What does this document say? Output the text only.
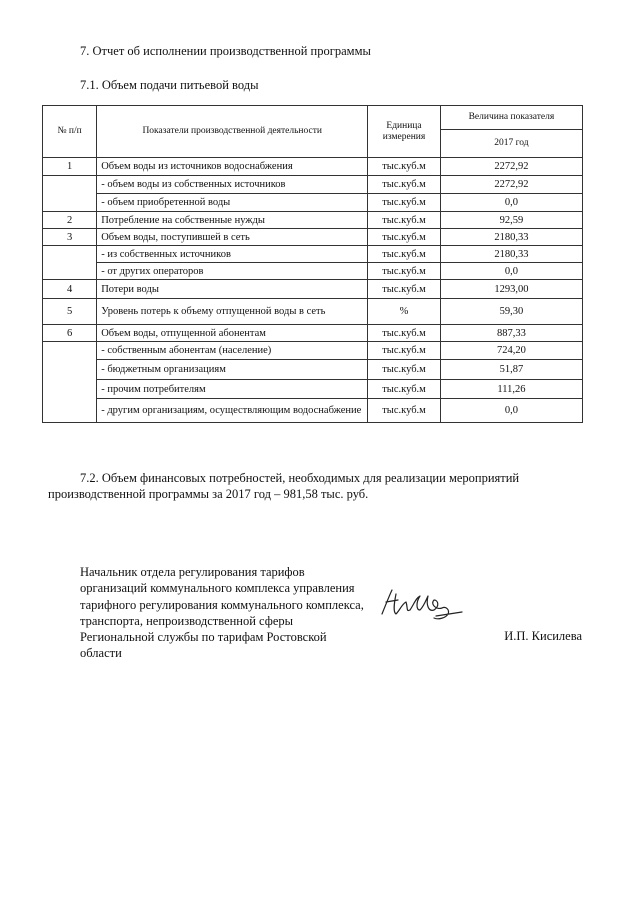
7. Отчет об исполнении производственной программы
7.1. Объем подачи питьевой воды
№ п/п	Показатели производственной деятельности	Единица измерения	Величина показателя
			2017 год
1	Объем воды из источников водоснабжения	тыс.куб.м	2272,92
	- объем воды из собственных источников	тыс.куб.м	2272,92
	- объем приобретенной воды	тыс.куб.м	0,0
2	Потребление на собственные нужды	тыс.куб.м	92,59
3	Объем воды, поступившей в сеть	тыс.куб.м	2180,33
	- из собственных источников	тыс.куб.м	2180,33
	- от других операторов	тыс.куб.м	0,0
4	Потери воды	тыс.куб.м	1293,00
5	Уровень потерь к объему отпущенной воды в сеть	%	59,30
6	Объем воды, отпущенной абонентам	тыс.куб.м	887,33
	- собственным абонентам (население)	тыс.куб.м	724,20
	- бюджетным организациям	тыс.куб.м	51,87
	- прочим потребителям	тыс.куб.м	111,26
	- другим организациям, осуществляющим водоснабжение	тыс.куб.м	0,0
7.2. Объем финансовых потребностей, необходимых для реализации мероприятий
производственной программы за 2017 год – 981,58 тыс. руб.
Начальник отдела регулирования тарифов организаций коммунального комплекса управления тарифного регулирования коммунального комплекса, транспорта, непроизводственной сферы Региональной службы по тарифам Ростовской области
И.П. Кисилева
